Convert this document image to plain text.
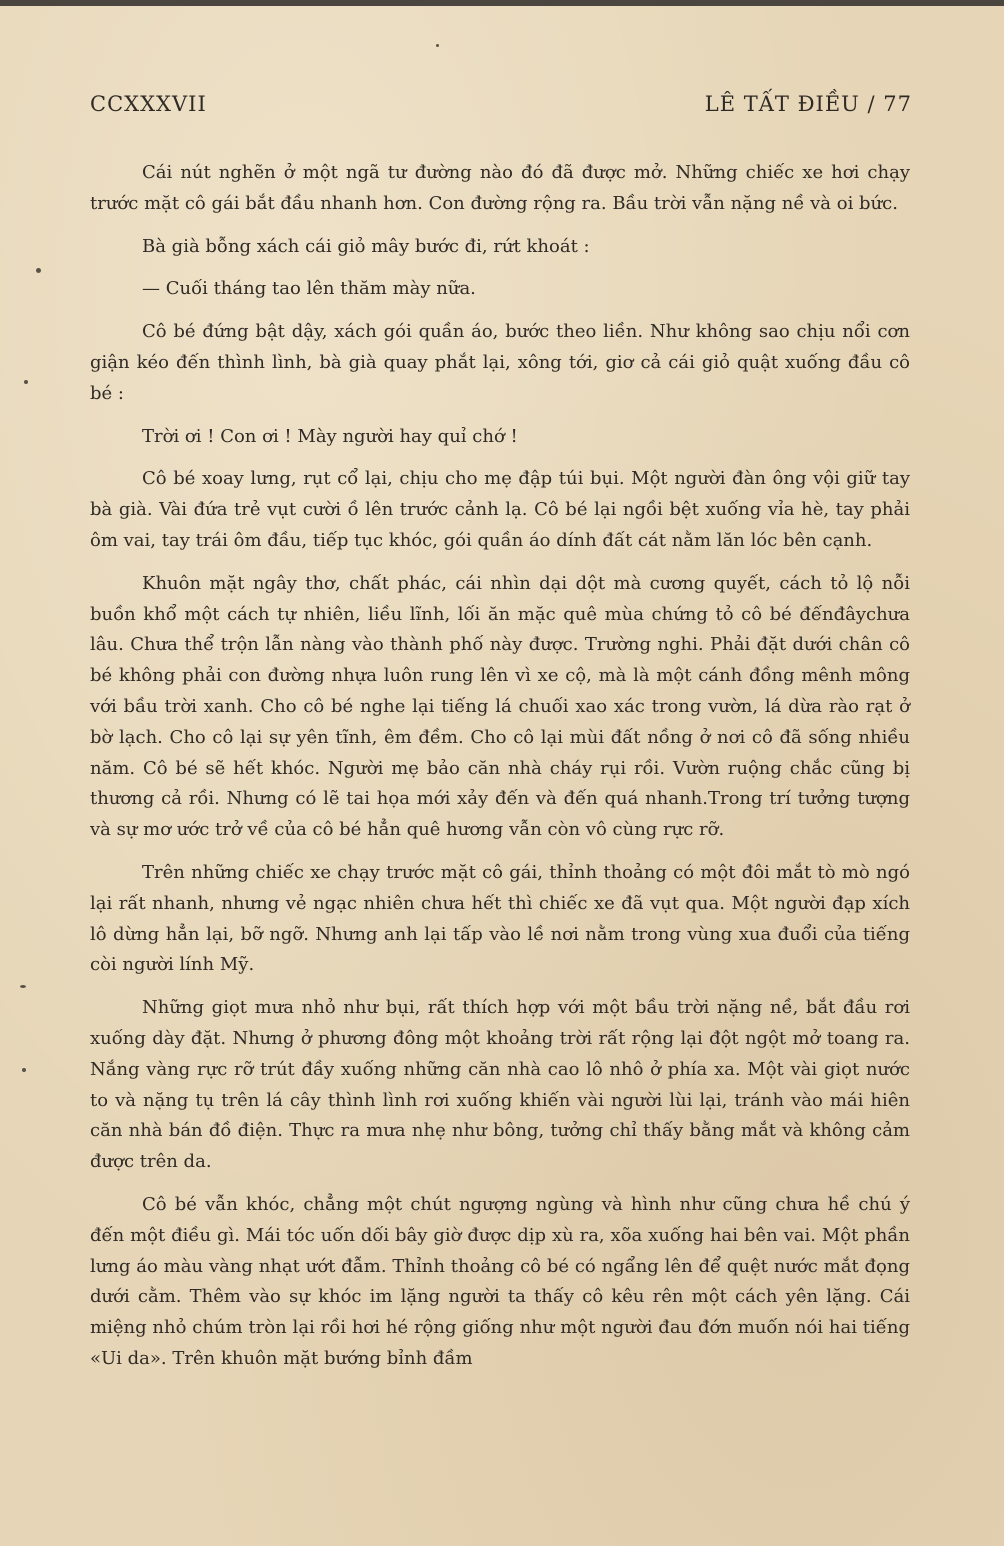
CCXXXVII	LÊ TẤT ĐIỀU / 77

Cái nút nghẽn ở một ngã tư đường nào đó đã được mở. Những chiếc xe hơi chạy trước mặt cô gái bắt đầu nhanh hơn. Con đường rộng ra. Bầu trời vẫn nặng nề và oi bức.

Bà già bỗng xách cái giỏ mây bước đi, rứt khoát :

— Cuối tháng tao lên thăm mày nữa.

Cô bé đứng bật dậy, xách gói quần áo, bước theo liền. Như không sao chịu nổi cơn giận kéo đến thình lình, bà già quay phắt lại, xông tới, giơ cả cái giỏ quật xuống đầu cô bé :

Trời ơi ! Con ơi ! Mày người hay quỉ chớ !

Cô bé xoay lưng, rụt cổ lại, chịu cho mẹ đập túi bụi. Một người đàn ông vội giữ tay bà già. Vài đứa trẻ vụt cười ồ lên trước cảnh lạ. Cô bé lại ngồi bệt xuống vỉa hè, tay phải ôm vai, tay trái ôm đầu, tiếp tục khóc, gói quần áo dính đất cát nằm lăn lóc bên cạnh.

Khuôn mặt ngây thơ, chất phác, cái nhìn dại dột mà cương quyết, cách tỏ lộ nỗi buồn khổ một cách tự nhiên, liều lĩnh, lối ăn mặc quê mùa chứng tỏ cô bé đếnđâychưa lâu. Chưa thể trộn lẫn nàng vào thành phố này được. Trường nghi. Phải đặt dưới chân cô bé không phải con đường nhựa luôn rung lên vì xe cộ, mà là một cánh đồng mênh mông với bầu trời xanh. Cho cô bé nghe lại tiếng lá chuối xao xác trong vườn, lá dừa rào rạt ở bờ lạch. Cho cô lại sự yên tĩnh, êm đềm. Cho cô lại mùi đất nồng ở nơi cô đã sống nhiều năm. Cô bé sẽ hết khóc. Người mẹ bảo căn nhà cháy rụi rồi. Vườn ruộng chắc cũng bị thương cả rồi. Nhưng có lẽ tai họa mới xảy đến và đến quá nhanh.Trong trí tưởng tượng và sự mơ ước trở về của cô bé hẳn quê hương vẫn còn vô cùng rực rỡ.

Trên những chiếc xe chạy trước mặt cô gái, thỉnh thoảng có một đôi mắt tò mò ngó lại rất nhanh, nhưng vẻ ngạc nhiên chưa hết thì chiếc xe đã vụt qua. Một người đạp xích lô dừng hẳn lại, bỡ ngỡ. Nhưng anh lại tấp vào lề nơi nằm trong vùng xua đuổi của tiếng còi người lính Mỹ.

Những giọt mưa nhỏ như bụi, rất thích hợp với một bầu trời nặng nề, bắt đầu rơi xuống dày đặt. Nhưng ở phương đông một khoảng trời rất rộng lại đột ngột mở toang ra. Nắng vàng rực rỡ trút đầy xuống những căn nhà cao lô nhô ở phía xa. Một vài giọt nước to và nặng tụ trên lá cây thình lình rơi xuống khiến vài người lùi lại, tránh vào mái hiên căn nhà bán đồ điện. Thực ra mưa nhẹ như bông, tưởng chỉ thấy bằng mắt và không cảm được trên da.

Cô bé vẫn khóc, chẳng một chút ngượng ngùng và hình như cũng chưa hề chú ý đến một điều gì. Mái tóc uốn dối bây giờ được dịp xù ra, xõa xuống hai bên vai. Một phần lưng áo màu vàng nhạt ướt đẫm. Thỉnh thoảng cô bé có ngẩng lên để quệt nước mắt đọng dưới cằm. Thêm vào sự khóc im lặng người ta thấy cô kêu rên một cách yên lặng. Cái miệng nhỏ chúm tròn lại rồi hơi hé rộng giống như một người đau đớn muốn nói hai tiếng «Ui da». Trên khuôn mặt bướng bỉnh đầm
